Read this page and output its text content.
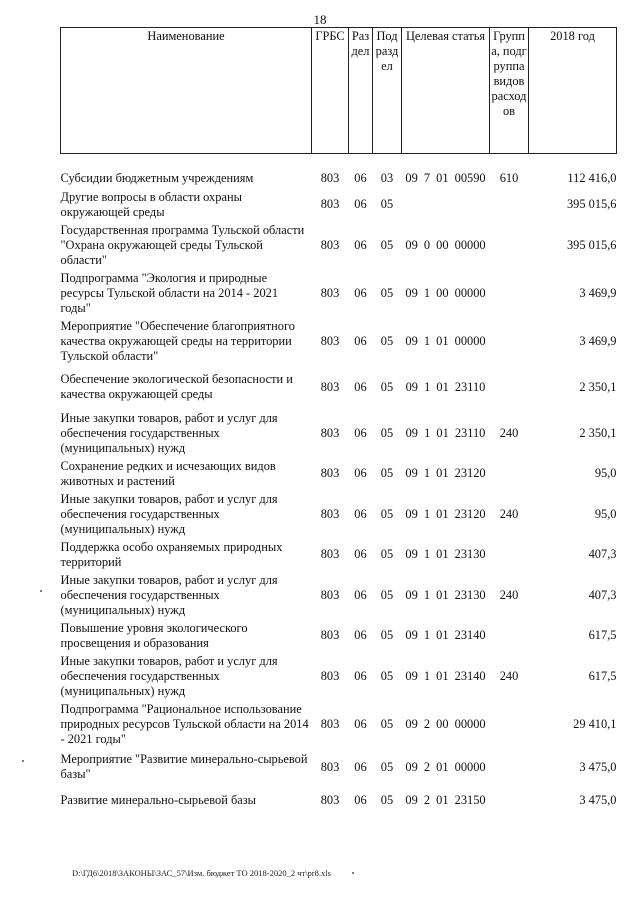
18
Наименование	ГРБС	Раздел	Подраздел	Целевая статья	Группа, подгруппа видов расходов	2018 год

Субсидии бюджетным учреждениям	803	06	03	09 7 01 00590	610	112 416,0
Другие вопросы в области охраны окружающей среды	803	06	05			395 015,6
Государственная программа Тульской области "Охрана окружающей среды Тульской области"	803	06	05	09 0 00 00000		395 015,6
Подпрограмма "Экология и природные ресурсы Тульской области на 2014 - 2021 годы"	803	06	05	09 1 00 00000		3 469,9
Мероприятие "Обеспечение благоприятного качества окружающей среды на территории Тульской области"	803	06	05	09 1 01 00000		3 469,9
Обеспечение экологической безопасности и качества окружающей среды	803	06	05	09 1 01 23110		2 350,1
Иные закупки товаров, работ и услуг для обеспечения государственных (муниципальных) нужд	803	06	05	09 1 01 23110	240	2 350,1
Сохранение редких и исчезающих видов животных и растений	803	06	05	09 1 01 23120		95,0
Иные закупки товаров, работ и услуг для обеспечения государственных (муниципальных) нужд	803	06	05	09 1 01 23120	240	95,0
Поддержка особо охраняемых природных территорий	803	06	05	09 1 01 23130		407,3
Иные закупки товаров, работ и услуг для обеспечения государственных (муниципальных) нужд	803	06	05	09 1 01 23130	240	407,3
Повышение уровня экологического просвещения и образования	803	06	05	09 1 01 23140		617,5
Иные закупки товаров, работ и услуг для обеспечения государственных (муниципальных) нужд	803	06	05	09 1 01 23140	240	617,5
Подпрограмма "Рациональное использование природных ресурсов Тульской области на 2014 - 2021 годы"	803	06	05	09 2 00 00000		29 410,1
Мероприятие "Развитие минерально-сырьевой базы"	803	06	05	09 2 01 00000		3 475,0
Развитие минерально-сырьевой базы	803	06	05	09 2 01 23150		3 475,0
D:\ГД6\2018\ЗАКОНЫ\ЗАС_57\Изм. бюджет ТО 2018-2020_2 чт\pr8.xls
